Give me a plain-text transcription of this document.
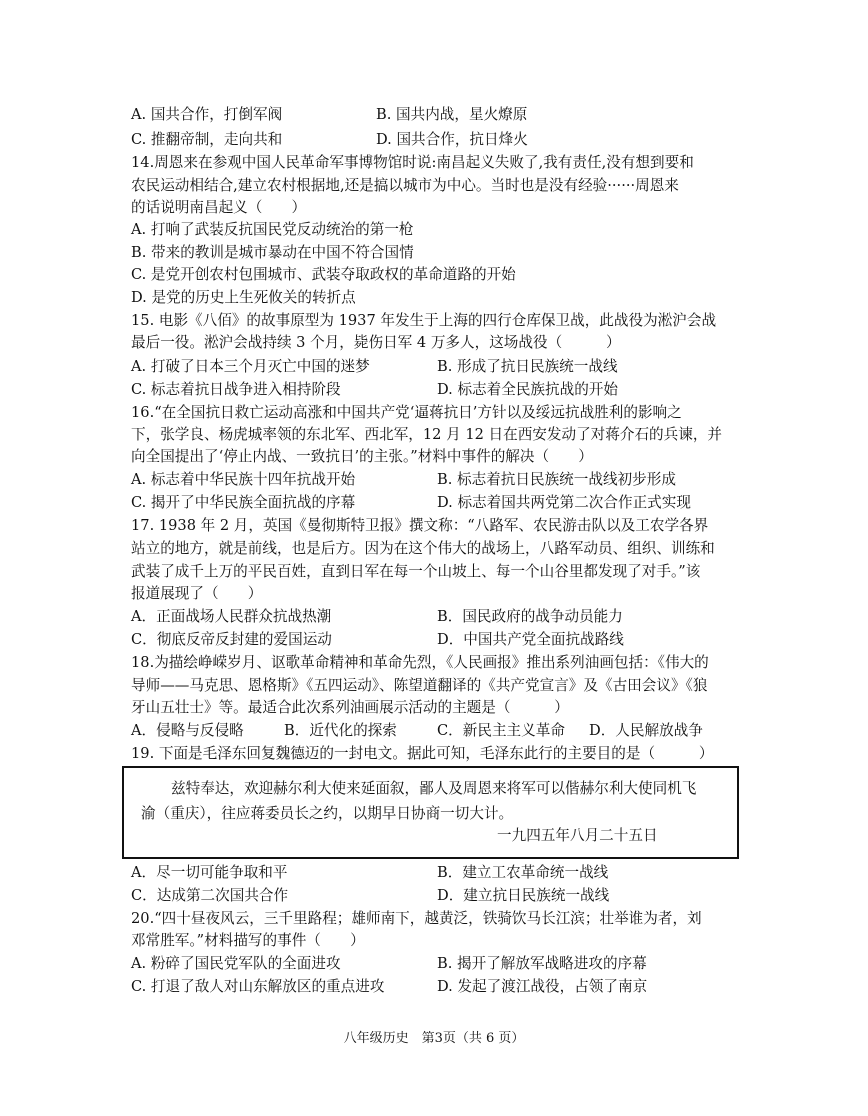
A. 国共合作，打倒军阀	B. 国共内战，星火燎原
C. 推翻帝制，走向共和	D. 国共合作，抗日烽火
14.周恩来在参观中国人民革命军事博物馆时说:南昌起义失败了,我有责任,没有想到要和
农民运动相结合,建立农村根据地,还是搞以城市为中心。当时也是没有经验······周恩来
的话说明南昌起义（　　）
A. 打响了武装反抗国民党反动统治的第一枪
B. 带来的教训是城市暴动在中国不符合国情
C. 是党开创农村包围城市、武装夺取政权的革命道路的开始
D. 是党的历史上生死攸关的转折点
15. 电影《八佰》的故事原型为 1937 年发生于上海的四行仓库保卫战，此战役为淞沪会战
最后一役。淞沪会战持续 3 个月，毙伤日军 4 万多人，这场战役（　　　）
A. 打破了日本三个月灭亡中国的迷梦	B. 形成了抗日民族统一战线
C. 标志着抗日战争进入相持阶段	D. 标志着全民族抗战的开始
16.“在全国抗日救亡运动高涨和中国共产党‘逼蒋抗日’方针以及绥远抗战胜利的影响之
下，张学良、杨虎城率领的东北军、西北军，12 月 12 日在西安发动了对蒋介石的兵谏，并
向全国提出了‘停止内战、一致抗日’的主张。”材料中事件的解决（　　）
A. 标志着中华民族十四年抗战开始	B. 标志着抗日民族统一战线初步形成
C. 揭开了中华民族全面抗战的序幕	D. 标志着国共两党第二次合作正式实现
17. 1938 年 2 月，英国《曼彻斯特卫报》撰文称：“八路军、农民游击队以及工农学各界
站立的地方，就是前线，也是后方。因为在这个伟大的战场上，八路军动员、组织、训练和
武装了成千上万的平民百姓，直到日军在每一个山坡上、每一个山谷里都发现了对手。”该
报道展现了（　　）
A．正面战场人民群众抗战热潮	B．国民政府的战争动员能力
C．彻底反帝反封建的爱国运动	D．中国共产党全面抗战路线
18.为描绘峥嵘岁月、讴歌革命精神和革命先烈，《人民画报》推出系列油画包括：《伟大的
导师——马克思、恩格斯》《五四运动》、陈望道翻译的《共产党宣言》及《古田会议》《狼
牙山五壮士》等。最适合此次系列油画展示活动的主题是（　　　）
A．侵略与反侵略	B．近代化的探索	C．新民主主义革命 D．人民解放战争
19. 下面是毛泽东回复魏德迈的一封电文。据此可知，毛泽东此行的主要目的是（　　　）
兹特奉达，欢迎赫尔利大使来延面叙，鄙人及周恩来将军可以偕赫尔利大使同机飞
渝（重庆），往应蒋委员长之约，以期早日协商一切大计。
一九四五年八月二十五日
A．尽一切可能争取和平	B．建立工农革命统一战线
C．达成第二次国共合作	D．建立抗日民族统一战线
20.“四十昼夜风云，三千里路程；雄师南下，越黄泛，铁骑饮马长江滨；壮举谁为者，刘
邓常胜军。”材料描写的事件（　　）
A. 粉碎了国民党军队的全面进攻	B. 揭开了解放军战略进攻的序幕
C. 打退了敌人对山东解放区的重点进攻	D. 发起了渡江战役，占领了南京
八年级历史　第3页（共 6 页）
